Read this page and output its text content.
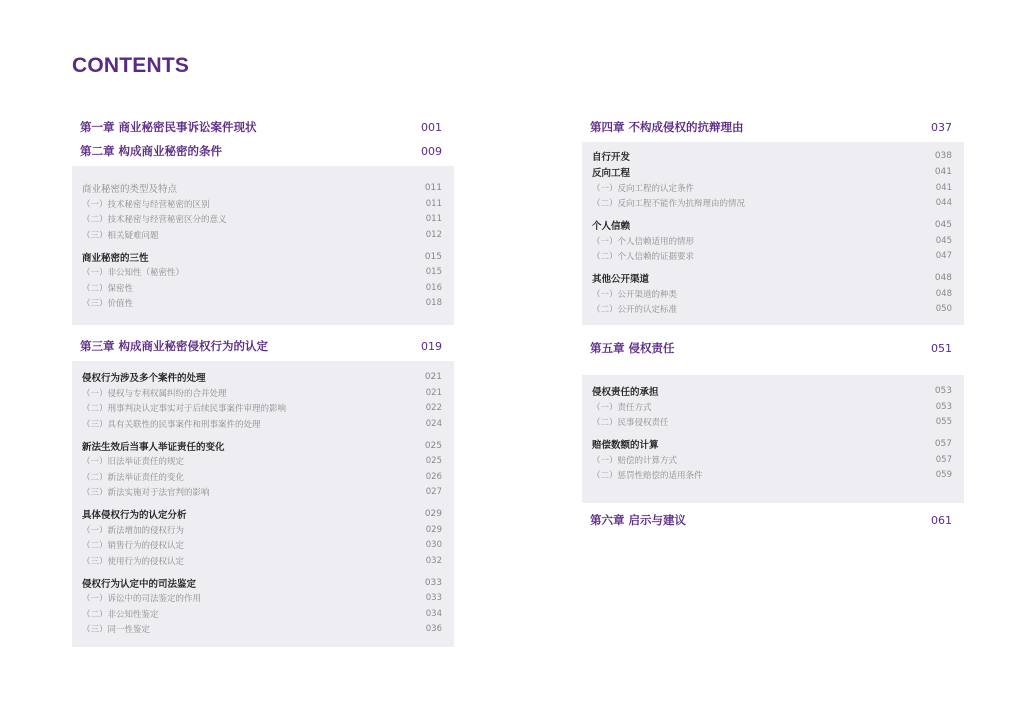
CONTENTS
第一章 商业秘密民事诉讼案件现状	001
第二章 构成商业秘密的条件	009
商业秘密的类型及特点	011
（一）技术秘密与经营秘密的区别	011
（二）技术秘密与经营秘密区分的意义	011
（三）相关疑难问题	012
商业秘密的三性	015
（一）非公知性（秘密性）	015
（二）保密性	016
（三）价值性	018
第三章 构成商业秘密侵权行为的认定	019
侵权行为涉及多个案件的处理	021
（一）侵权与专利权属纠纷的合并处理	021
（二）刑事判决认定事实对于后续民事案件审理的影响	022
（三）具有关联性的民事案件和刑事案件的处理	024
新法生效后当事人举证责任的变化	025
（一）旧法举证责任的规定	025
（二）新法举证责任的变化	026
（三）新法实施对于法官判的影响	027
具体侵权行为的认定分析	029
（一）新法增加的侵权行为	029
（二）销售行为的侵权认定	030
（三）使用行为的侵权认定	032
侵权行为认定中的司法鉴定	033
（一）诉讼中的司法鉴定的作用	033
（二）非公知性鉴定	034
（三）同一性鉴定	036
第四章 不构成侵权的抗辩理由	037
自行开发	038
反向工程	041
（一）反向工程的认定条件	041
（二）反向工程不能作为抗辩理由的情况	044
个人信赖	045
（一）个人信赖适用的情形	045
（二）个人信赖的证据要求	047
其他公开渠道	048
（一）公开渠道的种类	048
（二）公开的认定标准	050
第五章 侵权责任	051
侵权责任的承担	053
（一）责任方式	053
（二）民事侵权责任	055
赔偿数额的计算	057
（一）赔偿的计算方式	057
（二）惩罚性赔偿的适用条件	059
第六章 启示与建议	061
